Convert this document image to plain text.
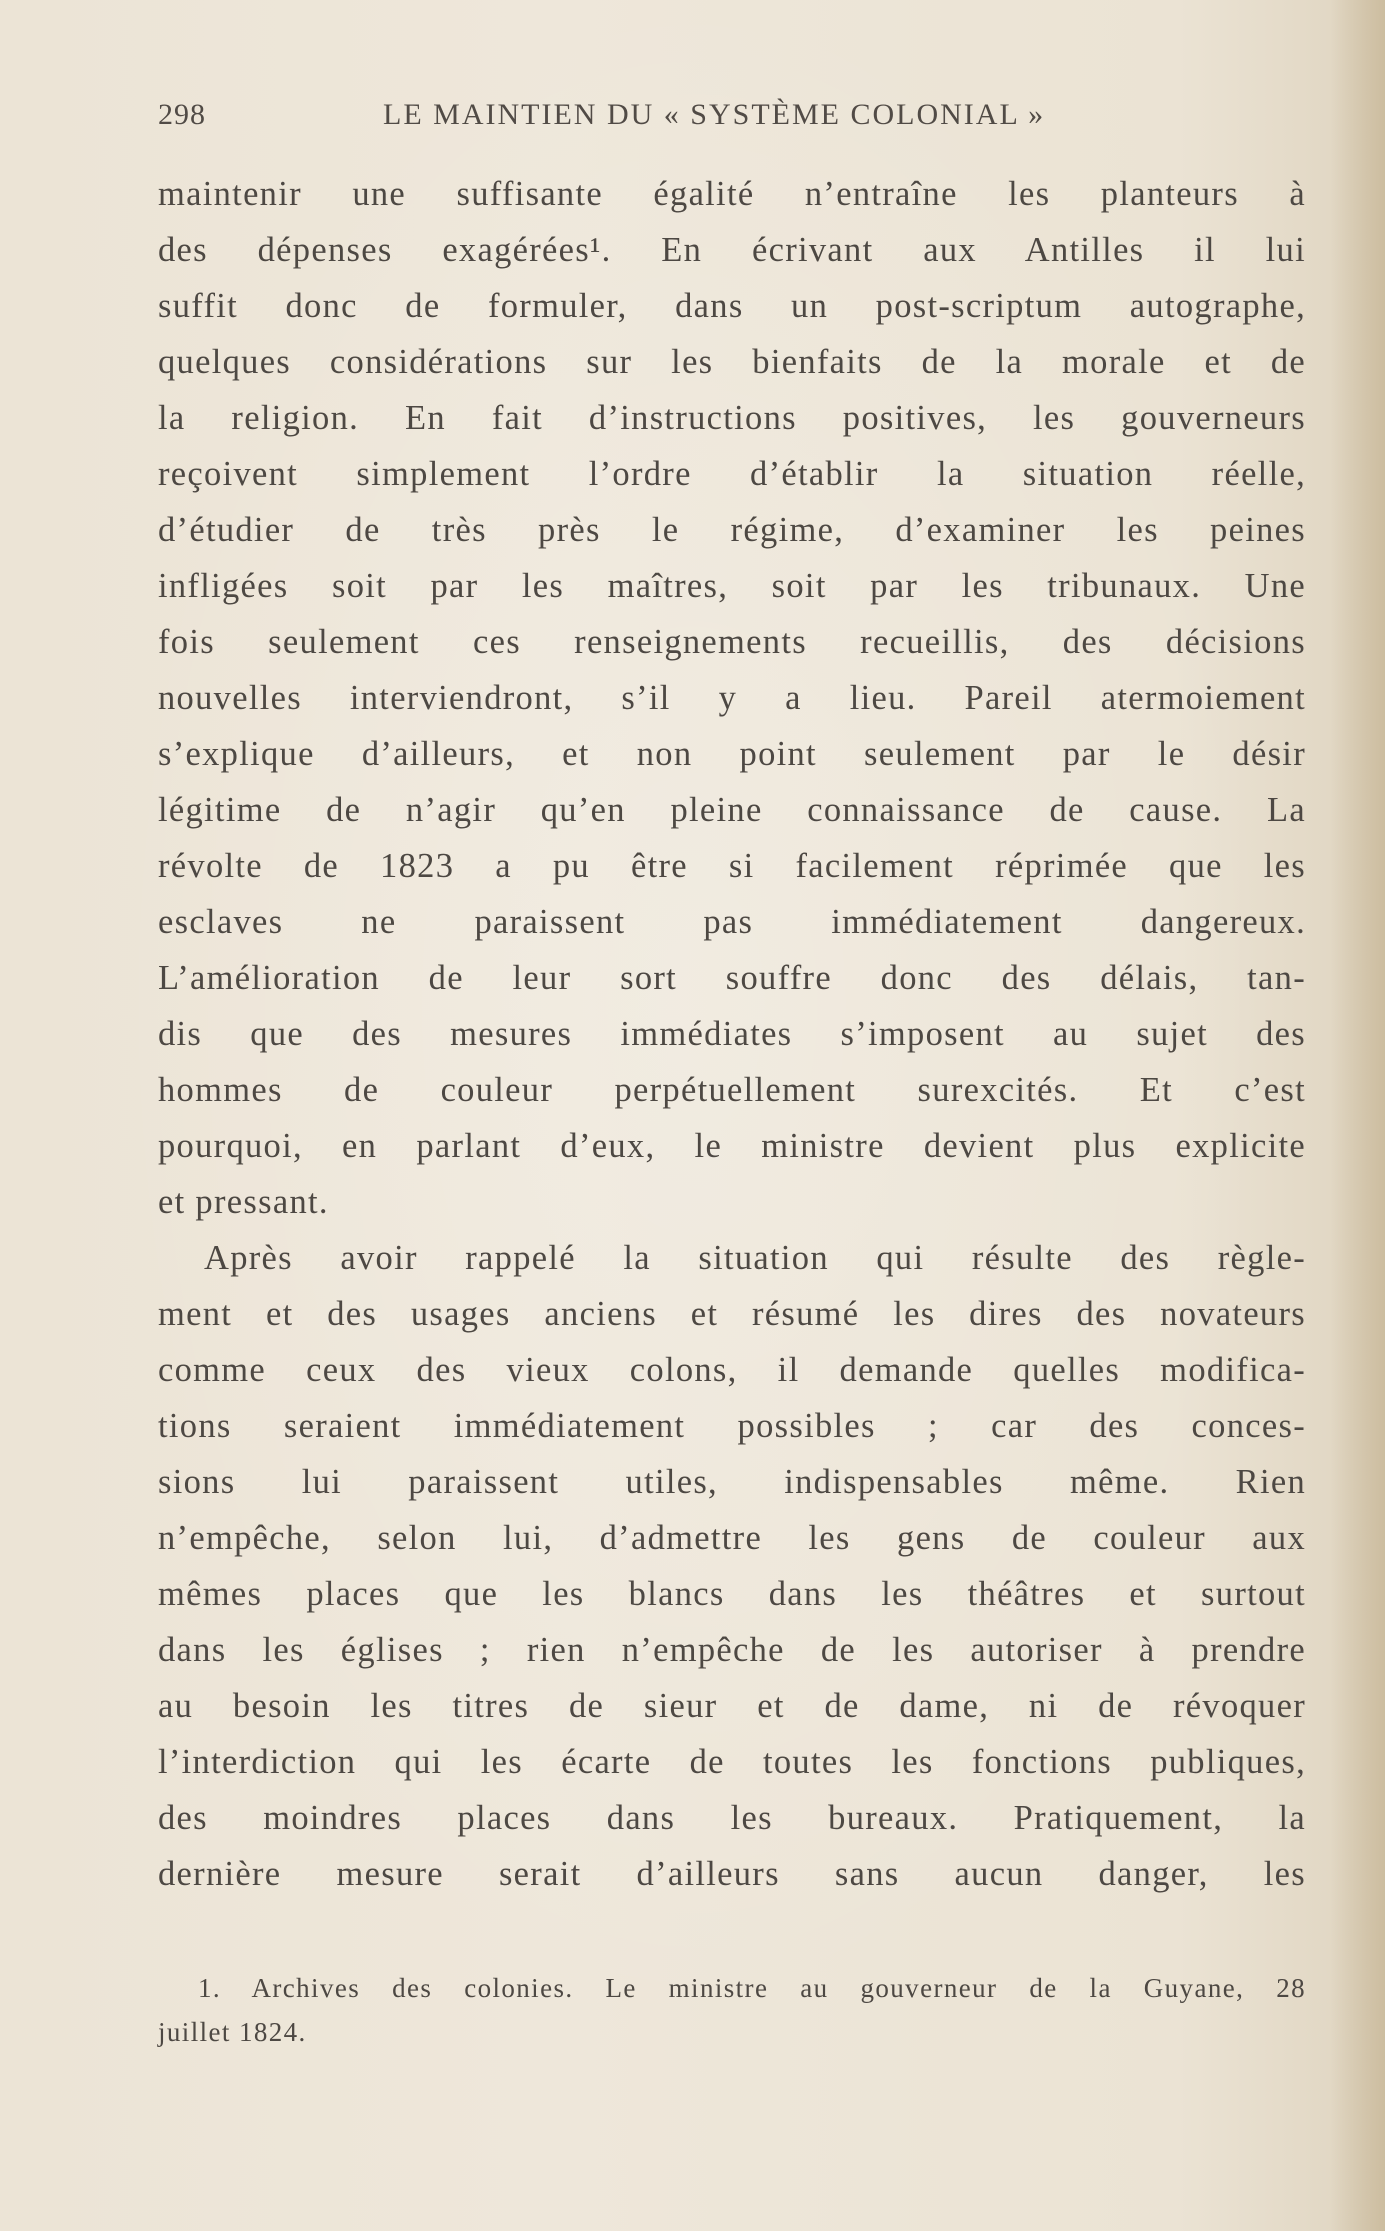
298	LE MAINTIEN DU « SYSTÈME COLONIAL »
maintenir une suffisante égalité n’entraîne les planteurs à
des dépenses exagérées¹. En écrivant aux Antilles il lui
suffit donc de formuler, dans un post-scriptum autographe,
quelques considérations sur les bienfaits de la morale et de
la religion. En fait d’instructions positives, les gouverneurs
reçoivent simplement l’ordre d’établir la situation réelle,
d’étudier de très près le régime, d’examiner les peines
infligées soit par les maîtres, soit par les tribunaux. Une
fois seulement ces renseignements recueillis, des décisions
nouvelles interviendront, s’il y a lieu. Pareil atermoiement
s’explique d’ailleurs, et non point seulement par le désir
légitime de n’agir qu’en pleine connaissance de cause. La
révolte de 1823 a pu être si facilement réprimée que les
esclaves ne paraissent pas immédiatement dangereux.
L’amélioration de leur sort souffre donc des délais, tan-
dis que des mesures immédiates s’imposent au sujet des
hommes de couleur perpétuellement surexcités. Et c’est
pourquoi, en parlant d’eux, le ministre devient plus explicite
et pressant.
Après avoir rappelé la situation qui résulte des règle-
ment et des usages anciens et résumé les dires des novateurs
comme ceux des vieux colons, il demande quelles modifica-
tions seraient immédiatement possibles ; car des conces-
sions lui paraissent utiles, indispensables même. Rien
n’empêche, selon lui, d’admettre les gens de couleur aux
mêmes places que les blancs dans les théâtres et surtout
dans les églises ; rien n’empêche de les autoriser à prendre
au besoin les titres de sieur et de dame, ni de révoquer
l’interdiction qui les écarte de toutes les fonctions publiques,
des moindres places dans les bureaux. Pratiquement, la
dernière mesure serait d’ailleurs sans aucun danger, les
1. Archives des colonies. Le ministre au gouverneur de la Guyane, 28
juillet 1824.
